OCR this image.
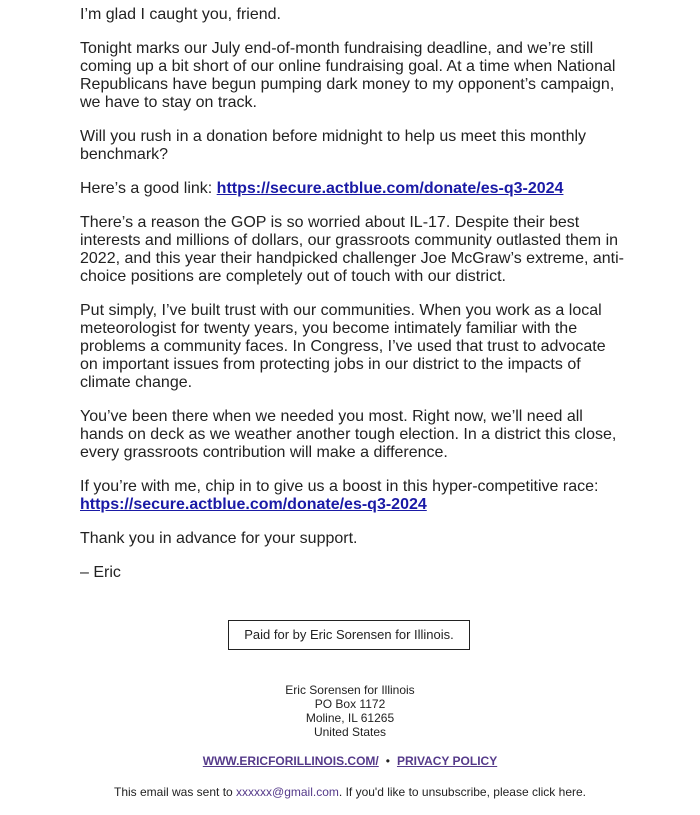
I’m glad I caught you, friend.

Tonight marks our July end-of-month fundraising deadline, and we’re still coming up a bit short of our online fundraising goal. At a time when National Republicans have begun pumping dark money to my opponent’s campaign, we have to stay on track.

Will you rush in a donation before midnight to help us meet this monthly benchmark?

Here’s a good link: https://secure.actblue.com/donate/es-q3-2024

There’s a reason the GOP is so worried about IL-17. Despite their best interests and millions of dollars, our grassroots community outlasted them in 2022, and this year their handpicked challenger Joe McGraw’s extreme, anti-choice positions are completely out of touch with our district.

Put simply, I’ve built trust with our communities. When you work as a local meteorologist for twenty years, you become intimately familiar with the problems a community faces. In Congress, I’ve used that trust to advocate on important issues from protecting jobs in our district to the impacts of climate change.

You’ve been there when we needed you most. Right now, we’ll need all hands on deck as we weather another tough election. In a district this close, every grassroots contribution will make a difference.

If you’re with me, chip in to give us a boost in this hyper-competitive race:
https://secure.actblue.com/donate/es-q3-2024

Thank you in advance for your support.

– Eric

Paid for by Eric Sorensen for Illinois.
Eric Sorensen for Illinois
PO Box 1172
Moline, IL 61265
United States
WWW.ERICFORILLINOIS.COM/ • PRIVACY POLICY
This email was sent to xxxxxx@gmail.com. If you'd like to unsubscribe, please click here.
